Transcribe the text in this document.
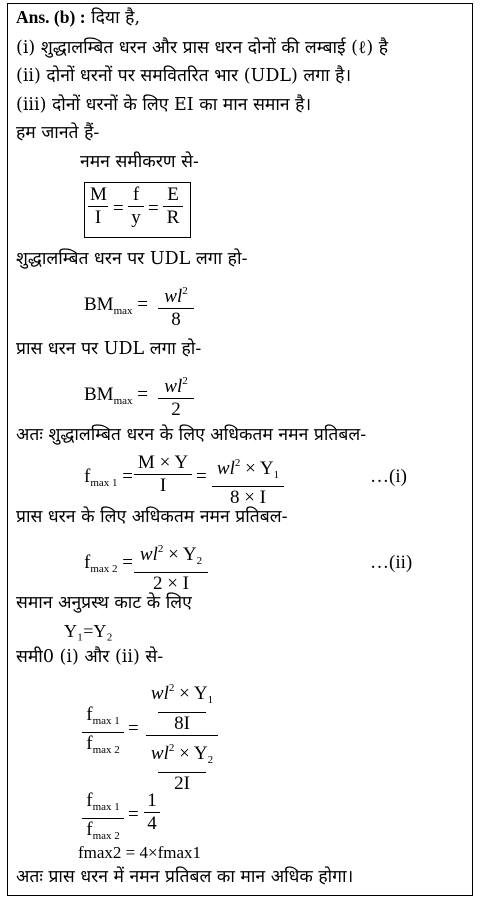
Ans. (b) : दिया है,
(i) शुद्धालम्बित धरन और प्रास धरन दोनों की लम्बाई (ℓ) है
(ii) दोनों धरनों पर समवितरित भार (UDL) लगा है।
(iii) दोनों धरनों के लिए EI का मान समान है।
हम जानते हैं-
नमन समीकरण से-
M
I =
f
y =
E
R
शुद्धालम्बित धरन पर UDL लगा हो-
$BM_{max} = wl^2$
8
प्रास धरन पर UDL लगा हो-
$BM_{max} = wl^2$
2
अतः शुद्धालम्बित धरन के लिए अधिकतम नमन प्रतिबल-
$f_{max 1}$ =
M × Y
I	= $wl^2 \times Y_1$
8 × I
…(i)
प्रास धरन के लिए अधिकतम नमन प्रतिबल-
$f_{max 2} = wl^2 \times Y_2$
2 × I
…(ii)
समान अनुप्रस्थ काट के लिए
Y₁=Y₂
समी0 (i) और (ii) से-
$f_{max 1}$
$f_{max 2}$
=
$wl^2 \times Y_1$
8I
$wl^2 \times Y_2$
2I
$f_{max 1}$
$f_{max 2}$
=
1
4
fmax2 = 4×fmax1
अतः प्रास धरन में नमन प्रतिबल का मान अधिक होगा।
